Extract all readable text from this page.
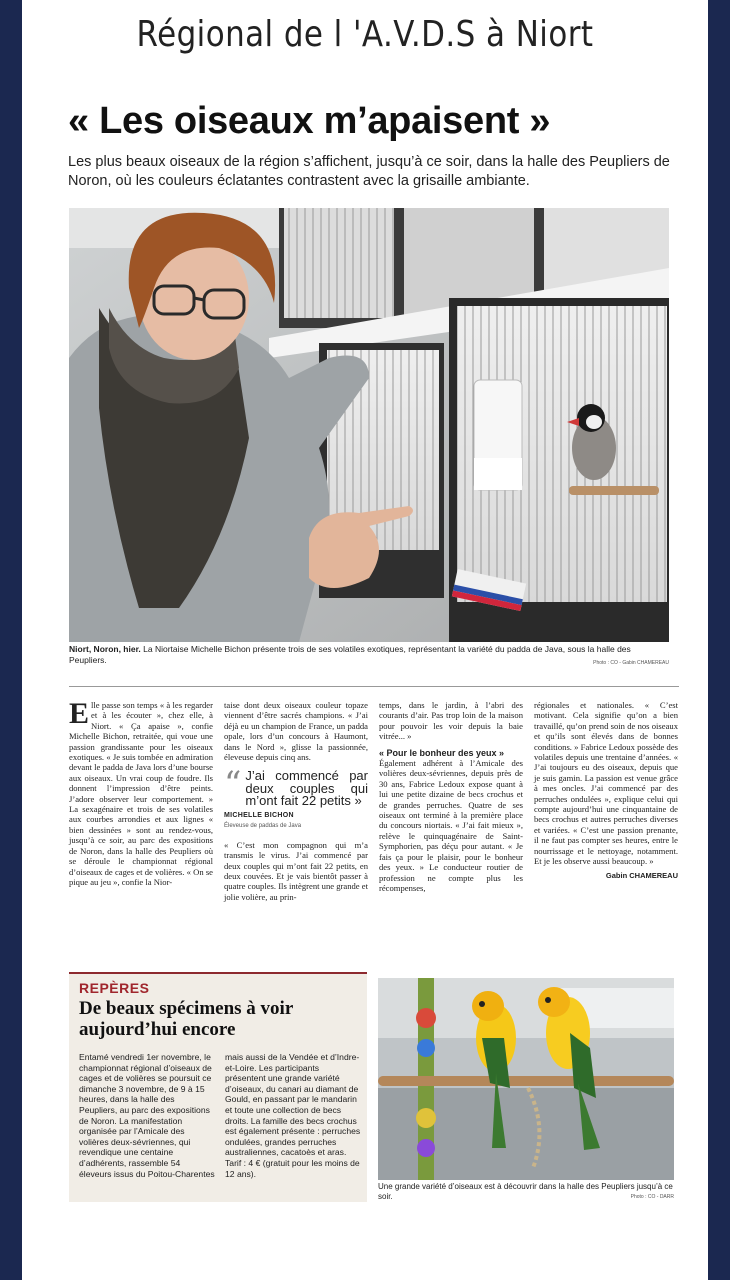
Régional de l 'A.V.D.S à Niort
« Les oiseaux m’apaisent »
Les plus beaux oiseaux de la région s’affichent, jusqu’à ce soir, dans la halle des Peupliers de Noron, où les couleurs éclatantes contrastent avec la grisaille ambiante.
Niort, Noron, hier. La Niortaise Michelle Bichon présente trois de ses volatiles exotiques, représentant la variété du padda de Java, sous la halle des Peupliers.	Photo : CO - Gabin CHAMEREAU

Elle passe son temps « à les regarder et à les écouter », chez elle, à Niort. « Ça apaise », confie Michelle Bichon, retraitée, qui voue une passion grandissante pour les oiseaux exotiques. « Je suis tombée en admiration devant le padda de Java lors d’une bourse aux oiseaux. Un vrai coup de foudre. Ils donnent l’impression d’être peints. J’adore observer leur comportement. » La sexagénaire et trois de ses volatiles aux courbes arrondies et aux lignes « bien dessinées » sont au rendez-vous, jusqu’à ce soir, au parc des expositions de Noron, dans la halle des Peupliers où se déroule le championnat régional d’oiseaux de cages et de volières. « On se pique au jeu », confie la Nior-

taise dont deux oiseaux couleur topaze viennent d’être sacrés champions. « J’ai déjà eu un champion de France, un padda opale, lors d’un concours à Haumont, dans le Nord », glisse la passionnée, éleveuse depuis cinq ans.

“ J’ai commencé par deux couples qui m’ont fait 22 petits »
MICHELLE BICHON
Éleveuse de paddas de Java

« C’est mon compagnon qui m’a transmis le virus. J’ai commencé par deux couples qui m’ont fait 22 petits, en deux couvées. Et je vais bientôt passer à quatre couples. Ils intègrent une grande et jolie volière, au prin-

temps, dans le jardin, à l’abri des courants d’air. Pas trop loin de la maison pour pouvoir les voir depuis la baie vitrée... »

« Pour le bonheur des yeux »

Également adhérent à l’Amicale des volières deux-sévriennes, depuis près de 30 ans, Fabrice Ledoux expose quant à lui une petite dizaine de becs crochus et de grandes perruches. Quatre de ses oiseaux ont terminé à la première place du concours niortais. « J’ai fait mieux », relève le quinquagénaire de Saint-Symphorien, pas déçu pour autant. « Je fais ça pour le plaisir, pour le bonheur des yeux. » Le conducteur routier de profession ne compte plus les récompenses,

régionales et nationales. « C’est motivant. Cela signifie qu’on a bien travaillé, qu’on prend soin de nos oiseaux et qu’ils sont élevés dans de bonnes conditions. » Fabrice Ledoux possède des volatiles depuis une trentaine d’années. « J’ai toujours eu des oiseaux, depuis que je suis gamin. La passion est venue grâce à mes oncles. J’ai commencé par des perruches ondulées », explique celui qui compte aujourd’hui une cinquantaine de becs crochus et autres perruches diverses et variées. « C’est une passion prenante, il ne faut pas compter ses heures, entre le nourrissage et le nettoyage, notamment. Et je les observe aussi beaucoup. »

Gabin CHAMEREAU
REPÈRES
De beaux spécimens à voir aujourd’hui encore

Entamé vendredi 1er novembre, le championnat régional d’oiseaux de cages et de volières se poursuit ce dimanche 3 novembre, de 9 à 15 heures, dans la halle des Peupliers, au parc des expositions de Noron. La manifestation organisée par l’Amicale des volières deux-sévriennes, qui revendique une centaine d’adhérents, rassemble 54 éleveurs issus du Poitou-Charentes mais aussi de la Vendée et d’Indre-et-Loire. Les participants présentent une grande variété d’oiseaux, du canari au diamant de Gould, en passant par le mandarin et toute une collection de becs droits. La famille des becs crochus est également présente : perruches ondulées, grandes perruches australiennes, cacatoès et aras. Tarif : 4 € (gratuit pour les moins de 12 ans).

Une grande variété d’oiseaux est à découvrir dans la halle des Peupliers jusqu’à ce soir.	Photo : CO - DARR
